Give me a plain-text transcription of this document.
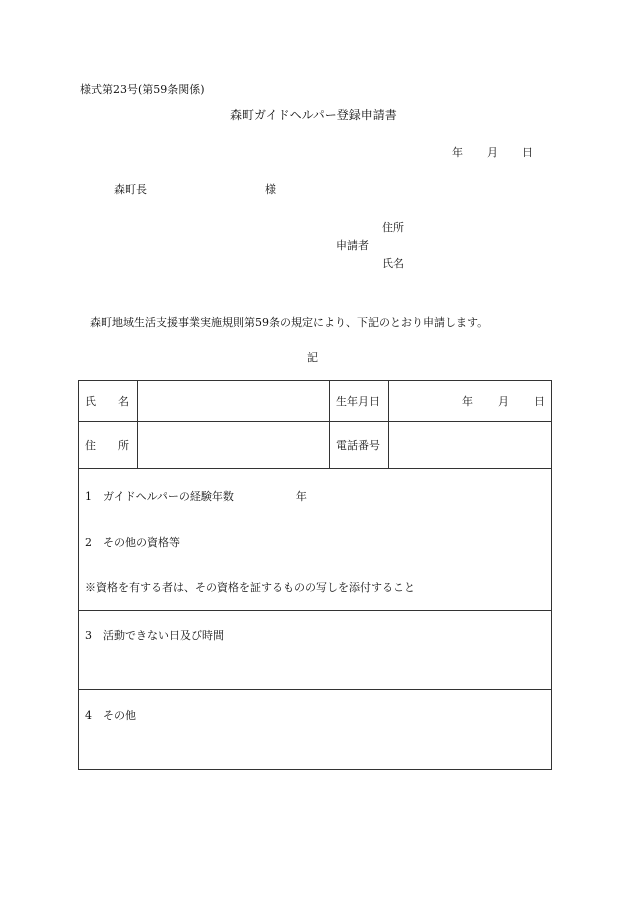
様式第23号(第59条関係)
森町ガイドヘルパー登録申請書
年 月 日
森町長	様
住所
申請者
氏名
森町地域生活支援事業実施規則第59条の規定により、下記のとおり申請します。
記
氏 名		生年月日	年 月 日
住 所		電話番号	

1　ガイドヘルパーの経験年数 年
2　その他の資格等
※資格を有する者は、その資格を証するものの写しを添付すること			

3　活動できない日及び時間			

4　その他			
